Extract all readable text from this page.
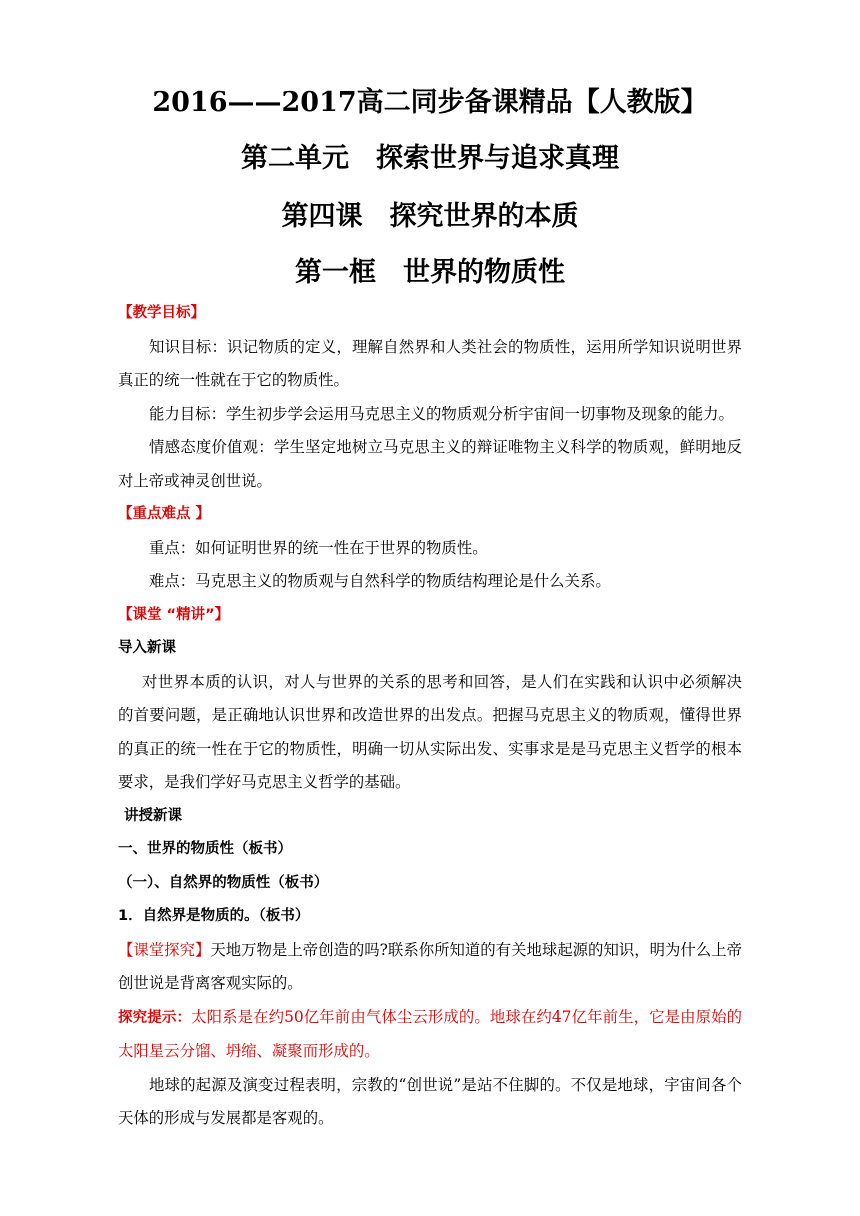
2016——2017高二同步备课精品【人教版】
第二单元　探索世界与追求真理
第四课　探究世界的本质
第一框　世界的物质性

【教学目标】

知识目标：识记物质的定义，理解自然界和人类社会的物质性，运用所学知识说明世界真正的统一性就在于它的物质性。

能力目标：学生初步学会运用马克思主义的物质观分析宇宙间一切事物及现象的能力。

情感态度价值观：学生坚定地树立马克思主义的辩证唯物主义科学的物质观，鲜明地反对上帝或神灵创世说。

【重点难点 】

重点：如何证明世界的统一性在于世界的物质性。

难点：马克思主义的物质观与自然科学的物质结构理论是什么关系。

【课堂 “精讲”】

导入新课

对世界本质的认识，对人与世界的关系的思考和回答，是人们在实践和认识中必须解决的首要问题，是正确地认识世界和改造世界的出发点。把握马克思主义的物质观，懂得世界的真正的统一性在于它的物质性，明确一切从实际出发、实事求是是马克思主义哲学的根本要求，是我们学好马克思主义哲学的基础。

讲授新课

一、世界的物质性（板书）

（一）、自然界的物质性（板书）

1．自然界是物质的。（板书）

【课堂探究】天地万物是上帝创造的吗?联系你所知道的有关地球起源的知识，明为什么上帝创世说是背离客观实际的。

探究提示：太阳系是在约50亿年前由气体尘云形成的。地球在约47亿年前生，它是由原始的太阳星云分馏、坍缩、凝聚而形成的。

地球的起源及演变过程表明，宗教的“创世说”是站不住脚的。不仅是地球，宇宙间各个天体的形成与发展都是客观的。
